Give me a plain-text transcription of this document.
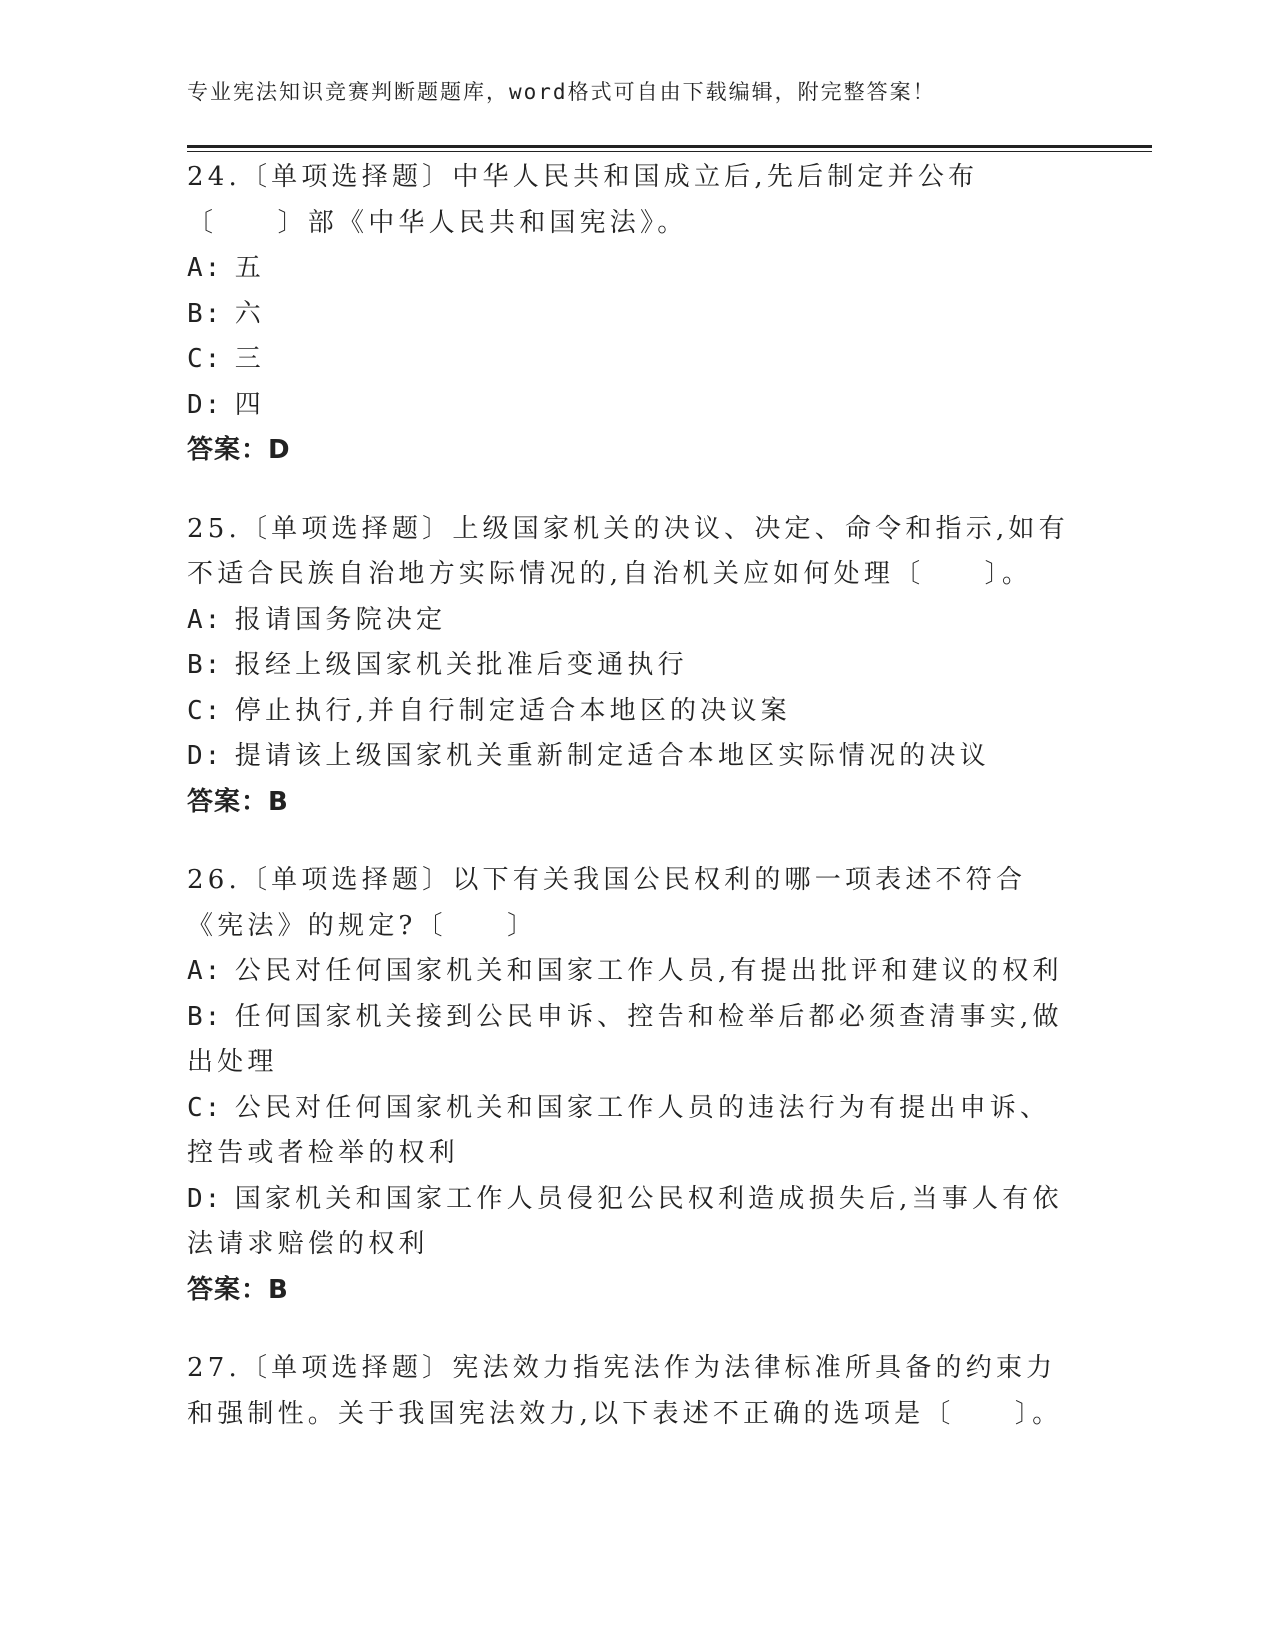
专业宪法知识竞赛判断题题库，word格式可自由下载编辑，附完整答案！
24.〔单项选择题〕中华人民共和国成立后,先后制定并公布〔　　〕部《中华人民共和国宪法》。
A: 五
B: 六
C: 三
D: 四
答案：D
25.〔单项选择题〕上级国家机关的决议、决定、命令和指示,如有不适合民族自治地方实际情况的,自治机关应如何处理〔　　〕。
A: 报请国务院决定
B: 报经上级国家机关批准后变通执行
C: 停止执行,并自行制定适合本地区的决议案
D: 提请该上级国家机关重新制定适合本地区实际情况的决议
答案：B
26.〔单项选择题〕以下有关我国公民权利的哪一项表述不符合《宪法》的规定?〔　　〕
A: 公民对任何国家机关和国家工作人员,有提出批评和建议的权利
B: 任何国家机关接到公民申诉、控告和检举后都必须查清事实,做出处理
C: 公民对任何国家机关和国家工作人员的违法行为有提出申诉、控告或者检举的权利
D: 国家机关和国家工作人员侵犯公民权利造成损失后,当事人有依法请求赔偿的权利
答案：B
27.〔单项选择题〕宪法效力指宪法作为法律标准所具备的约束力和强制性。关于我国宪法效力,以下表述不正确的选项是〔　　〕。
